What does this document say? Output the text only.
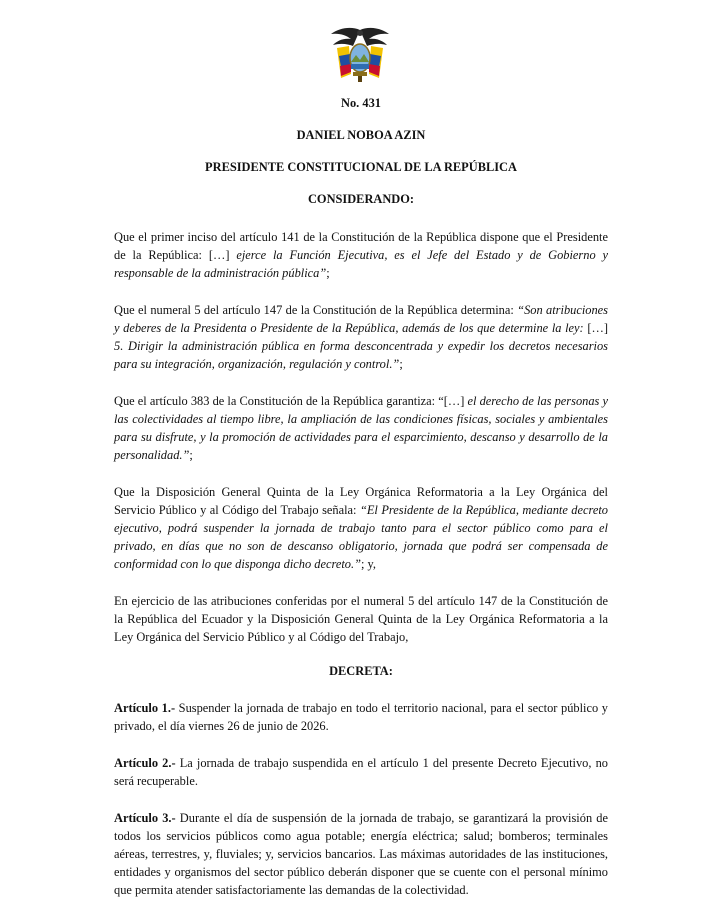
No. 431

DANIEL NOBOA AZIN

PRESIDENTE CONSTITUCIONAL DE LA REPÚBLICA

CONSIDERANDO:

Que el primer inciso del artículo 141 de la Constitución de la República dispone que el Presidente de la República: […] ejerce la Función Ejecutiva, es el Jefe del Estado y de Gobierno y responsable de la administración pública”;

Que el numeral 5 del artículo 147 de la Constitución de la República determina: “Son atribuciones y deberes de la Presidenta o Presidente de la República, además de los que determine la ley: […] 5. Dirigir la administración pública en forma desconcentrada y expedir los decretos necesarios para su integración, organización, regulación y control.”;

Que el artículo 383 de la Constitución de la República garantiza: “[…] el derecho de las personas y las colectividades al tiempo libre, la ampliación de las condiciones físicas, sociales y ambientales para su disfrute, y la promoción de actividades para el esparcimiento, descanso y desarrollo de la personalidad.”;

Que la Disposición General Quinta de la Ley Orgánica Reformatoria a la Ley Orgánica del Servicio Público y al Código del Trabajo señala: “El Presidente de la República, mediante decreto ejecutivo, podrá suspender la jornada de trabajo tanto para el sector público como para el privado, en días que no son de descanso obligatorio, jornada que podrá ser compensada de conformidad con lo que disponga dicho decreto.”; y,

En ejercicio de las atribuciones conferidas por el numeral 5 del artículo 147 de la Constitución de la República del Ecuador y la Disposición General Quinta de la Ley Orgánica Reformatoria a la Ley Orgánica del Servicio Público y al Código del Trabajo,

DECRETA:

Artículo 1.- Suspender la jornada de trabajo en todo el territorio nacional, para el sector público y privado, el día viernes 26 de junio de 2026.

Artículo 2.- La jornada de trabajo suspendida en el artículo 1 del presente Decreto Ejecutivo, no será recuperable.

Artículo 3.- Durante el día de suspensión de la jornada de trabajo, se garantizará la provisión de todos los servicios públicos como agua potable; energía eléctrica; salud; bomberos; terminales aéreas, terrestres, y, fluviales; y, servicios bancarios. Las máximas autoridades de las instituciones, entidades y organismos del sector público deberán disponer que se cuente con el personal mínimo que permita atender satisfactoriamente las demandas de la colectividad.
